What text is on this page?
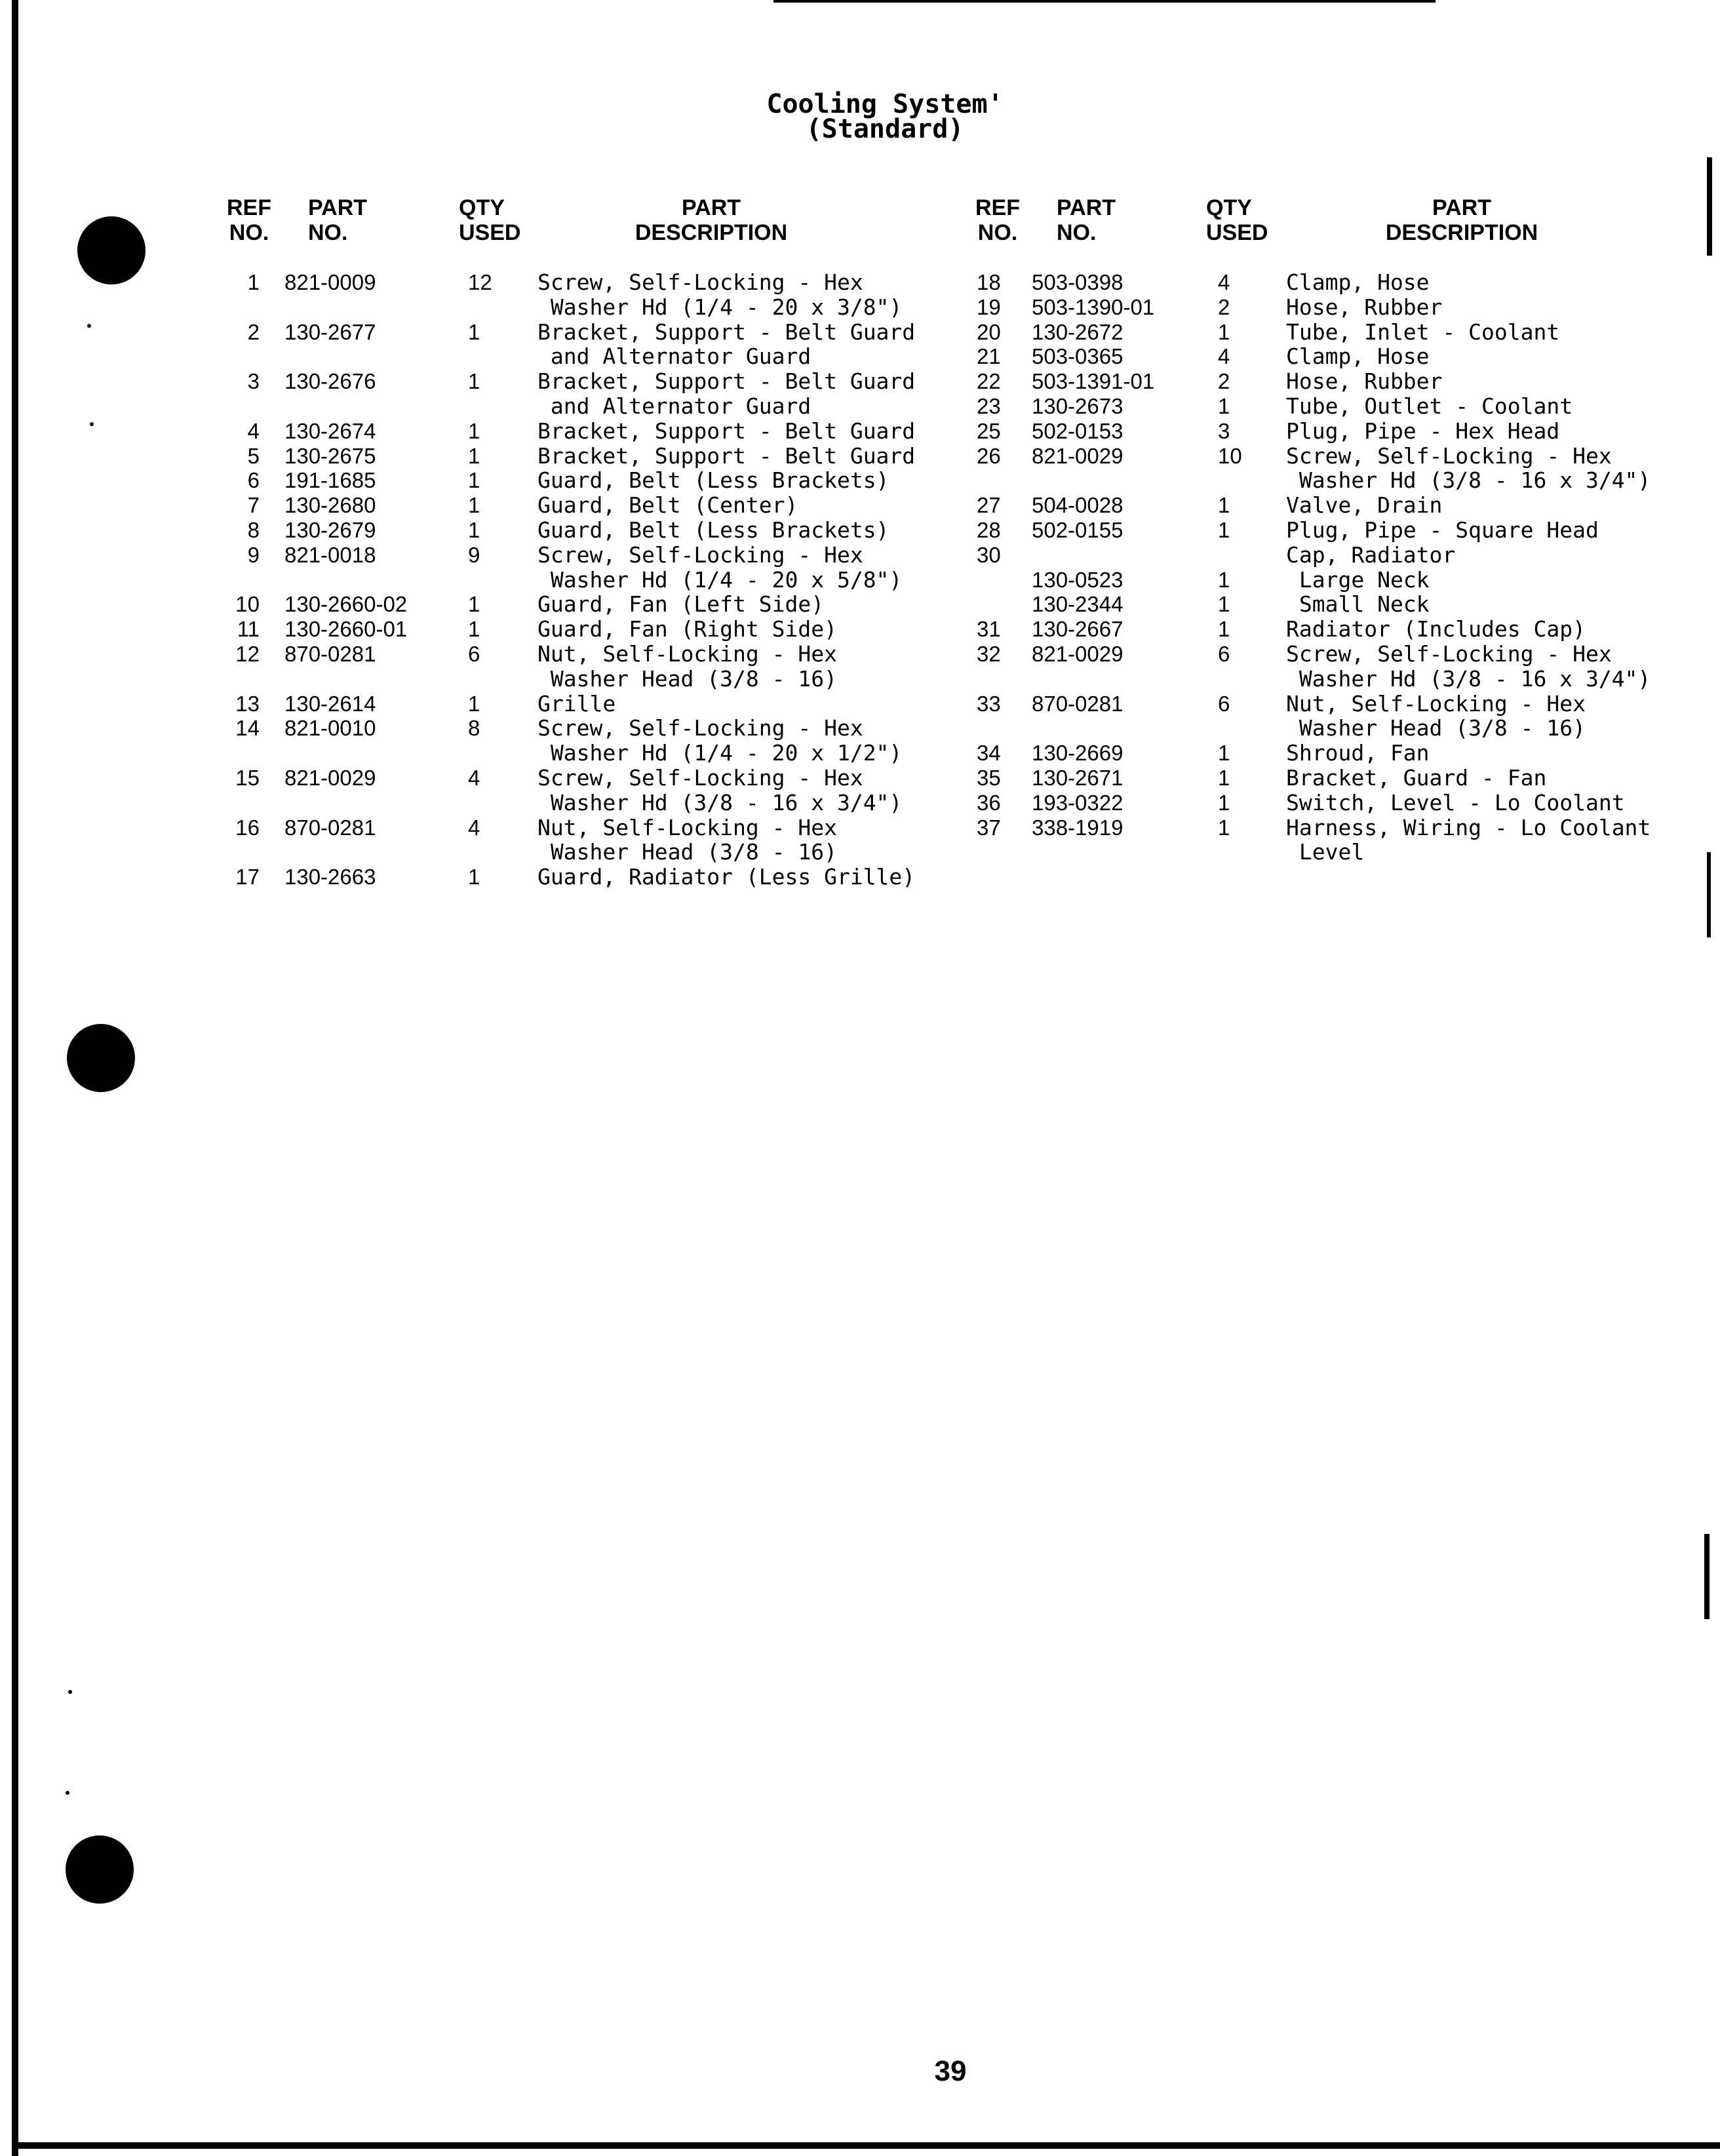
Cooling System'
(Standard)
REF
NO.
PART
NO.
QTY
USED
PART
DESCRIPTION
REF
NO.
PART
NO.
QTY
USED
PART
DESCRIPTION
1
2
3
4
5
6
7
8
9
10
11
12
13
14
15
16
17
821-0009
130-2677
130-2676
130-2674
130-2675
191-1685
130-2680
130-2679
821-0018
130-2660-02
130-2660-01
870-0281
130-2614
821-0010
821-0029
870-0281
130-2663
12
1
1
1
1
1
1
1
9
1
1
6
1
8
4
4
1
Screw, Self-Locking - Hex
Washer Hd (1/4 - 20 x 3/8")
Bracket, Support - Belt Guard
and Alternator Guard
Bracket, Support - Belt Guard
and Alternator Guard
Bracket, Support - Belt Guard
Bracket, Support - Belt Guard
Guard, Belt (Less Brackets)
Guard, Belt (Center)
Guard, Belt (Less Brackets)
Screw, Self-Locking - Hex
Washer Hd (1/4 - 20 x 5/8")
Guard, Fan (Left Side)
Guard, Fan (Right Side)
Nut, Self-Locking - Hex
Washer Head (3/8 - 16)
Grille
Screw, Self-Locking - Hex
Washer Hd (1/4 - 20 x 1/2")
Screw, Self-Locking - Hex
Washer Hd (3/8 - 16 x 3/4")
Nut, Self-Locking - Hex
Washer Head (3/8 - 16)
Guard, Radiator (Less Grille)
18
19
20
21
22
23
25
26
27
28
30
31
32
33
34
35
36
37
503-0398
503-1390-01
130-2672
503-0365
503-1391-01
130-2673
502-0153
821-0029
504-0028
502-0155
130-0523
130-2344
130-2667
821-0029
870-0281
130-2669
130-2671
193-0322
338-1919
4
2
1
4
2
1
3
10
1
1
1
1
1
6
6
1
1
1
1
Clamp, Hose
Hose, Rubber
Tube, Inlet - Coolant
Clamp, Hose
Hose, Rubber
Tube, Outlet - Coolant
Plug, Pipe - Hex Head
Screw, Self-Locking - Hex
Washer Hd (3/8 - 16 x 3/4")
Valve, Drain
Plug, Pipe - Square Head
Cap, Radiator
Large Neck
Small Neck
Radiator (Includes Cap)
Screw, Self-Locking - Hex
Washer Hd (3/8 - 16 x 3/4")
Nut, Self-Locking - Hex
Washer Head (3/8 - 16)
Shroud, Fan
Bracket, Guard - Fan
Switch, Level - Lo Coolant
Harness, Wiring - Lo Coolant
Level
39
